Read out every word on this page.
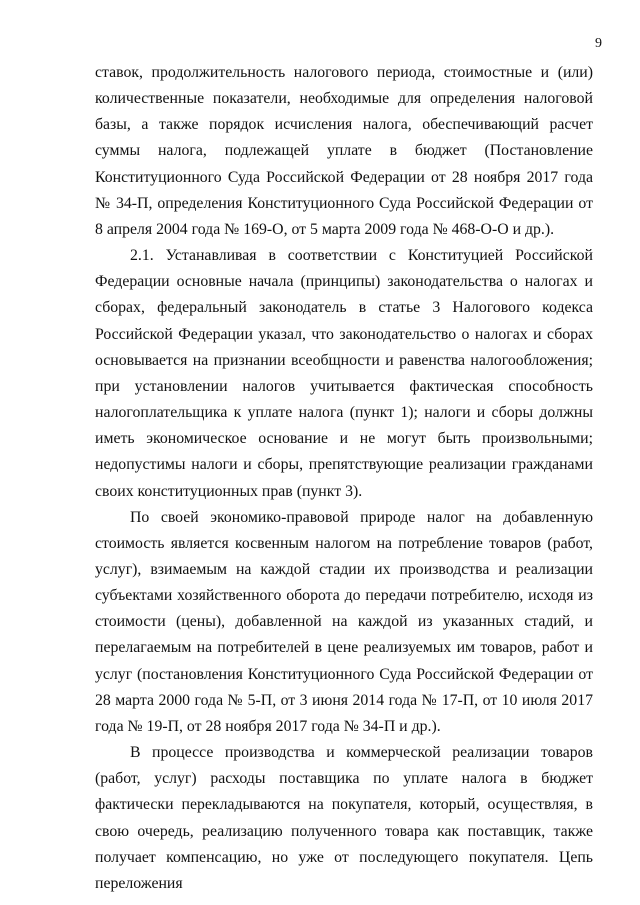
9

ставок, продолжительность налогового периода, стоимостные и (или) количественные показатели, необходимые для определения налоговой базы, а также порядок исчисления налога, обеспечивающий расчет суммы налога, подлежащей уплате в бюджет (Постановление Конституционного Суда Российской Федерации от 28 ноября 2017 года № 34-П, определения Конституционного Суда Российской Федерации от 8 апреля 2004 года № 169-О, от 5 марта 2009 года № 468-О-О и др.).

2.1. Устанавливая в соответствии с Конституцией Российской Федерации основные начала (принципы) законодательства о налогах и сборах, федеральный законодатель в статье 3 Налогового кодекса Российской Федерации указал, что законодательство о налогах и сборах основывается на признании всеобщности и равенства налогообложения; при установлении налогов учитывается фактическая способность налогоплательщика к уплате налога (пункт 1); налоги и сборы должны иметь экономическое основание и не могут быть произвольными; недопустимы налоги и сборы, препятствующие реализации гражданами своих конституционных прав (пункт 3).

По своей экономико-правовой природе налог на добавленную стоимость является косвенным налогом на потребление товаров (работ, услуг), взимаемым на каждой стадии их производства и реализации субъектами хозяйственного оборота до передачи потребителю, исходя из стоимости (цены), добавленной на каждой из указанных стадий, и перелагаемым на потребителей в цене реализуемых им товаров, работ и услуг (постановления Конституционного Суда Российской Федерации от 28 марта 2000 года № 5-П, от 3 июня 2014 года № 17-П, от 10 июля 2017 года № 19-П, от 28 ноября 2017 года № 34-П и др.).

В процессе производства и коммерческой реализации товаров (работ, услуг) расходы поставщика по уплате налога в бюджет фактически перекладываются на покупателя, который, осуществляя, в свою очередь, реализацию полученного товара как поставщик, также получает компенсацию, но уже от последующего покупателя. Цепь переложения
